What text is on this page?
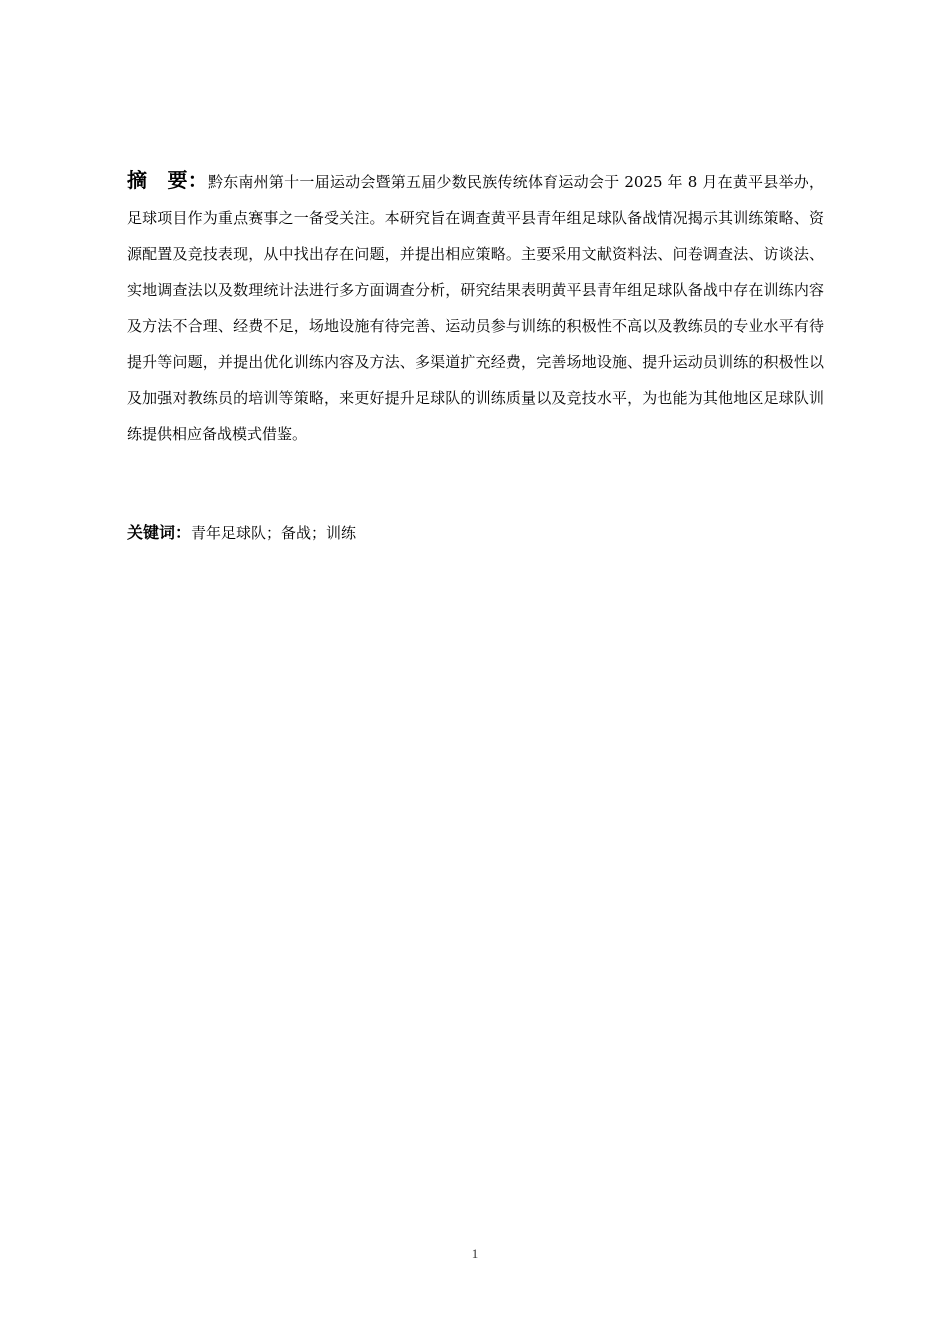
摘　要：黔东南州第十一届运动会暨第五届少数民族传统体育运动会于 2025 年 8 月在黄平县举办，足球项目作为重点赛事之一备受关注。本研究旨在调查黄平县青年组足球队备战情况揭示其训练策略、资源配置及竞技表现，从中找出存在问题，并提出相应策略。主要采用文献资料法、问卷调查法、访谈法、实地调查法以及数理统计法进行多方面调查分析，研究结果表明黄平县青年组足球队备战中存在训练内容及方法不合理、经费不足，场地设施有待完善、运动员参与训练的积极性不高以及教练员的专业水平有待提升等问题，并提出优化训练内容及方法、多渠道扩充经费，完善场地设施、提升运动员训练的积极性以及加强对教练员的培训等策略，来更好提升足球队的训练质量以及竞技水平，为也能为其他地区足球队训练提供相应备战模式借鉴。

关键词：青年足球队；备战；训练

1
